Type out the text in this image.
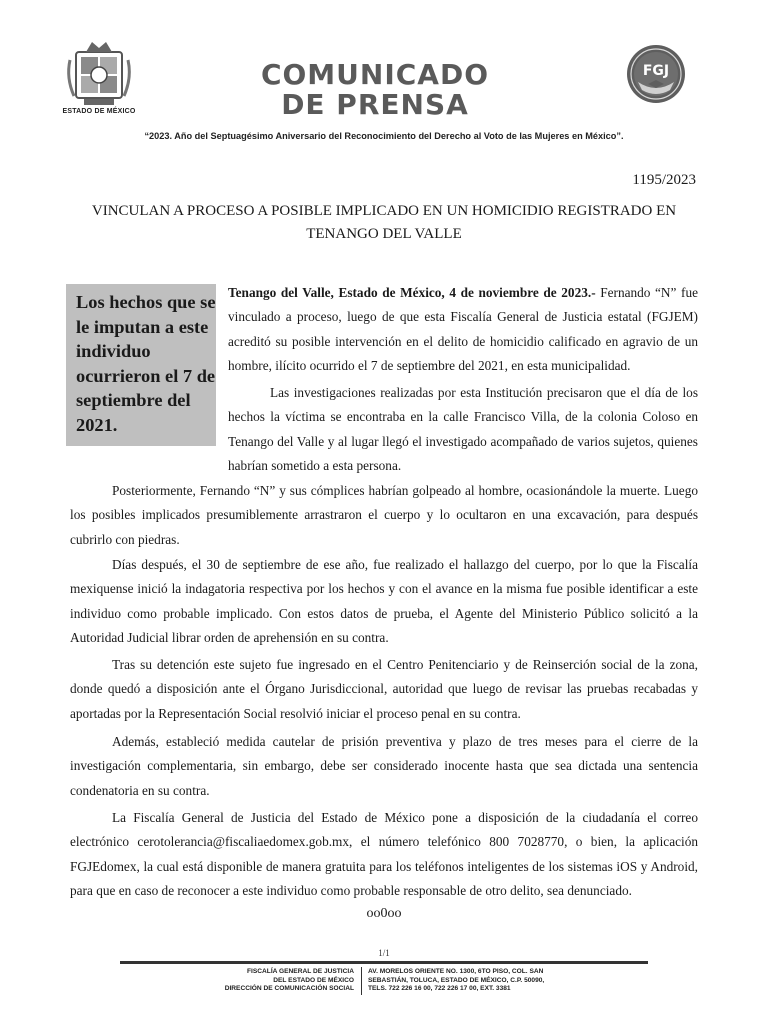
ESTADO DE MÉXICO
COMUNICADO
DE PRENSA
FGJ
“2023. Año del Septuagésimo Aniversario del Reconocimiento del Derecho al Voto de las Mujeres en México”.
1195/2023
VINCULAN A PROCESO A POSIBLE IMPLICADO EN UN HOMICIDIO REGISTRADO EN TENANGO DEL VALLE

Los hechos que se le imputan a este individuo ocurrieron el 7 de septiembre del 2021.

Tenango del Valle, Estado de México, 4 de noviembre de 2023.- Fernando “N” fue vinculado a proceso, luego de que esta Fiscalía General de Justicia estatal (FGJEM) acreditó su posible intervención en el delito de homicidio calificado en agravio de un hombre, ilícito ocurrido el 7 de septiembre del 2021, en esta municipalidad.

Las investigaciones realizadas por esta Institución precisaron que el día de los hechos la víctima se encontraba en la calle Francisco Villa, de la colonia Coloso en Tenango del Valle y al lugar llegó el investigado acompañado de varios sujetos, quienes habrían sometido a esta persona.

Posteriormente, Fernando “N” y sus cómplices habrían golpeado al hombre, ocasionándole la muerte. Luego los posibles implicados presumiblemente arrastraron el cuerpo y lo ocultaron en una excavación, para después cubrirlo con piedras.

Días después, el 30 de septiembre de ese año, fue realizado el hallazgo del cuerpo, por lo que la Fiscalía mexiquense inició la indagatoria respectiva por los hechos y con el avance en la misma fue posible identificar a este individuo como probable implicado. Con estos datos de prueba, el Agente del Ministerio Público solicitó a la Autoridad Judicial librar orden de aprehensión en su contra.

Tras su detención este sujeto fue ingresado en el Centro Penitenciario y de Reinserción social de la zona, donde quedó a disposición ante el Órgano Jurisdiccional, autoridad que luego de revisar las pruebas recabadas y aportadas por la Representación Social resolvió iniciar el proceso penal en su contra.

Además, estableció medida cautelar de prisión preventiva y plazo de tres meses para el cierre de la investigación complementaria, sin embargo, debe ser considerado inocente hasta que sea dictada una sentencia condenatoria en su contra.

La Fiscalía General de Justicia del Estado de México pone a disposición de la ciudadanía el correo electrónico cerotolerancia@fiscaliaedomex.gob.mx, el número telefónico 800 7028770, o bien, la aplicación FGJEdomex, la cual está disponible de manera gratuita para los teléfonos inteligentes de los sistemas iOS y Android, para que en caso de reconocer a este individuo como probable responsable de otro delito, sea denunciado.

oo0oo
1/1
FISCALÍA GENERAL DE JUSTICIA
DEL ESTADO DE MÉXICO
DIRECCIÓN DE COMUNICACIÓN SOCIAL
AV. MORELOS ORIENTE NO. 1300, 6TO PISO, COL. SAN
SEBASTIÁN, TOLUCA, ESTADO DE MÉXICO, C.P. 50090,
TELS. 722 226 16 00, 722 226 17 00, EXT. 3381
